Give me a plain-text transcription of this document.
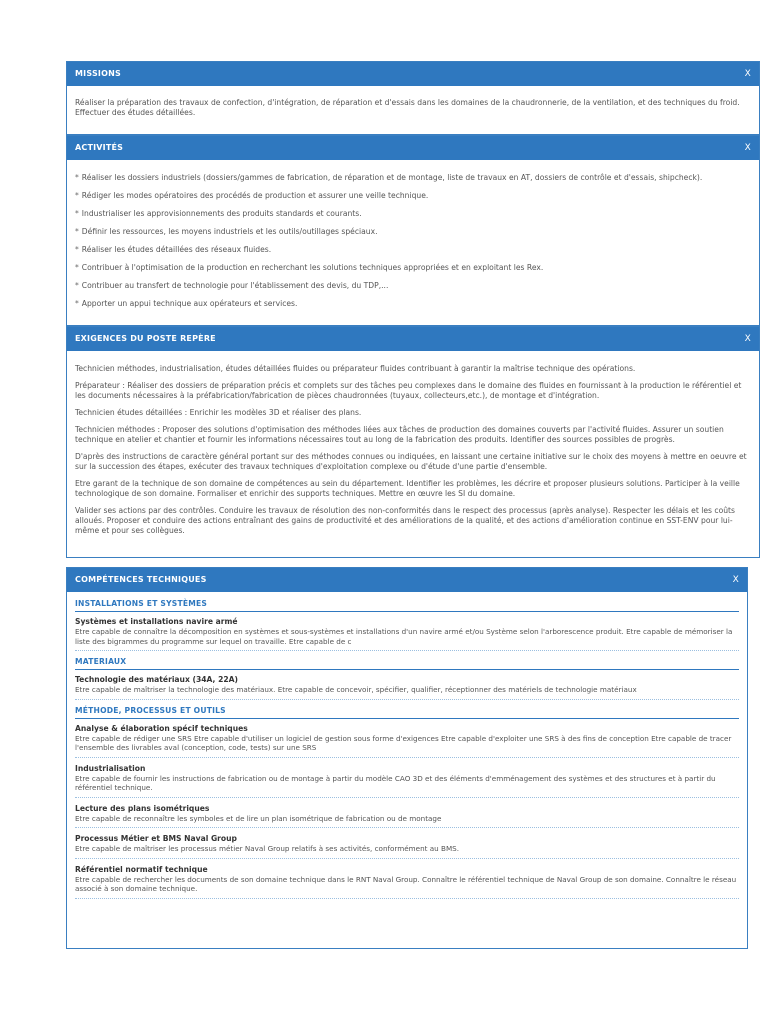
MISSIONS	X

Réaliser la préparation des travaux de confection, d'intégration, de réparation et d'essais dans les domaines de la chaudronnerie, de la ventilation, et des techniques du froid. Effectuer des études détaillées.

ACTIVITÉS	X
* Réaliser les dossiers industriels (dossiers/gammes de fabrication, de réparation et de montage, liste de travaux en AT, dossiers de contrôle et d'essais, shipcheck).
* Rédiger les modes opératoires des procédés de production et assurer une veille technique.
* Industrialiser les approvisionnements des produits standards et courants.
* Définir les ressources, les moyens industriels et les outils/outillages spéciaux.
* Réaliser les études détaillées des réseaux fluides.
* Contribuer à l'optimisation de la production en recherchant les solutions techniques appropriées et en exploitant les Rex.
* Contribuer au transfert de technologie pour l'établissement des devis, du TDP,...
* Apporter un appui technique aux opérateurs et services.
EXIGENCES DU POSTE REPÈRE	X

Technicien méthodes, industrialisation, études détaillées fluides ou préparateur fluides contribuant à garantir la maîtrise technique des opérations.

Préparateur : Réaliser des dossiers de préparation précis et complets sur des tâches peu complexes dans le domaine des fluides en fournissant à la production le référentiel et les documents nécessaires à la préfabrication/fabrication de pièces chaudronnées (tuyaux, collecteurs,etc.), de montage et d'intégration.

Technicien études détaillées : Enrichir les modèles 3D et réaliser des plans.

Technicien méthodes : Proposer des solutions d'optimisation des méthodes liées aux tâches de production des domaines couverts par l'activité fluides. Assurer un soutien technique en atelier et chantier et fournir les informations nécessaires tout au long de la fabrication des produits. Identifier des sources possibles de progrès.

D'après des instructions de caractère général portant sur des méthodes connues ou indiquées, en laissant une certaine initiative sur le choix des moyens à mettre en oeuvre et sur la succession des étapes, exécuter des travaux techniques d'exploitation complexe ou d'étude d'une partie d'ensemble.

Etre garant de la technique de son domaine de compétences au sein du département. Identifier les problèmes, les décrire et proposer plusieurs solutions. Participer à la veille technologique de son domaine. Formaliser et enrichir des supports techniques. Mettre en œuvre les SI du domaine.

Valider ses actions par des contrôles. Conduire les travaux de résolution des non-conformités dans le respect des processus (après analyse). Respecter les délais et les coûts alloués. Proposer et conduire des actions entraînant des gains de productivité et des améliorations de la qualité, et des actions d'amélioration continue en SST-ENV pour lui-même et pour ses collègues.

COMPÉTENCES TECHNIQUES	X
INSTALLATIONS ET SYSTÈMES
Systèmes et installations navire armé
Etre capable de connaître la décomposition en systèmes et sous-systèmes et installations d'un navire armé et/ou Système selon l'arborescence produit. Etre capable de mémoriser la liste des bigrammes du programme sur lequel on travaille. Etre capable de c
MATERIAUX
Technologie des matériaux (34A, 22A)
Etre capable de maîtriser la technologie des matériaux. Etre capable de concevoir, spécifier, qualifier, réceptionner des matériels de technologie matériaux
MÉTHODE, PROCESSUS ET OUTILS
Analyse & élaboration spécif techniques
Etre capable de rédiger une SRS Etre capable d'utiliser un logiciel de gestion sous forme d'exigences Etre capable d'exploiter une SRS à des fins de conception Etre capable de tracer l'ensemble des livrables aval (conception, code, tests) sur une SRS
Industrialisation
Etre capable de fournir les instructions de fabrication ou de montage à partir du modèle CAO 3D et des éléments d'emménagement des systèmes et des structures et à partir du référentiel technique.
Lecture des plans isométriques
Etre capable de reconnaître les symboles et de lire un plan isométrique de fabrication ou de montage
Processus Métier et BMS Naval Group
Etre capable de maîtriser les processus métier Naval Group relatifs à ses activités, conformément au BMS.
Référentiel normatif technique
Etre capable de rechercher les documents de son domaine technique dans le RNT Naval Group. Connaître le référentiel technique de Naval Group de son domaine. Connaître le réseau associé à son domaine technique.
